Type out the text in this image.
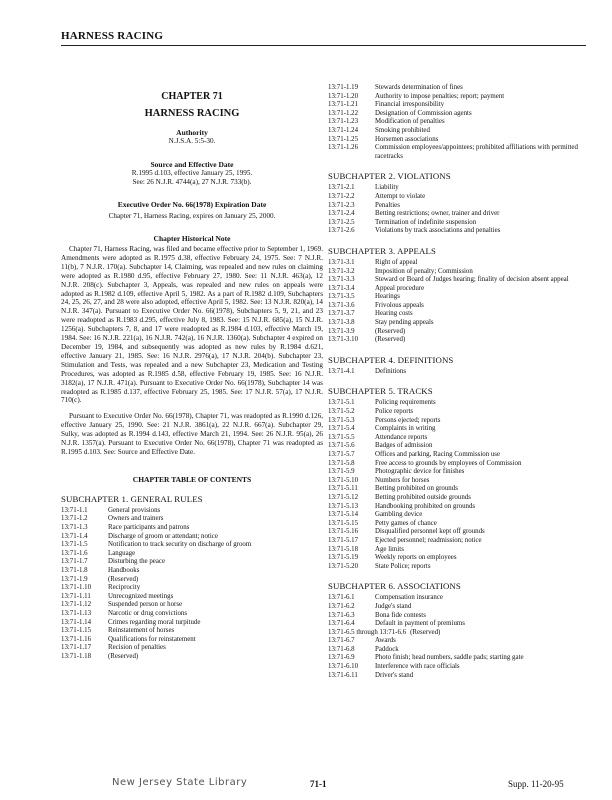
HARNESS RACING

CHAPTER 71

HARNESS RACING

Authority
N.J.S.A. 5:5-30.
Source and Effective Date
R.1995 d.103, effective January 25, 1995.
See: 26 N.J.R. 4744(a), 27 N.J.R. 733(b).
Executive Order No. 66(1978) Expiration Date
Chapter 71, Harness Racing, expires on January 25, 2000.
Chapter Historical Note

Chapter 71, Harness Racing, was filed and became effective prior to September 1, 1969. Amendments were adopted as R.1975 d.38, effective February 24, 1975. See: 7 N.J.R. 11(b), 7 N.J.R. 170(a). Subchapter 14, Claiming, was repealed and new rules on claiming were adopted as R.1980 d.95, effective February 27, 1980. See: 11 N.J.R. 463(a), 12 N.J.R. 208(c). Subchapter 3, Appeals, was repealed and new rules on appeals were adopted as R.1982 d.109, effective April 5, 1982. As a part of R.1982 d.109, Subchapters 24, 25, 26, 27, and 28 were also adopted, effective April 5, 1982. See: 13 N.J.R. 820(a), 14 N.J.R. 347(a). Pursuant to Executive Order No. 66(1978), Subchapters 5, 9, 21, and 23 were readopted as R.1983 d.295, effective July 8, 1983. See: 15 N.J.R. 685(a), 15 N.J.R. 1256(a). Subchapters 7, 8, and 17 were readopted as R.1984 d.103, effective March 19, 1984. See: 16 N.J.R. 221(a), 16 N.J.R. 742(a), 16 N.J.R. 1360(a). Subchapter 4 expired on December 19, 1984, and subsequently was adopted as new rules by R.1984 d.621, effective January 21, 1985. See: 16 N.J.R. 2976(a), 17 N.J.R. 204(b). Subchapter 23, Stimulation and Tests, was repealed and a new Subchapter 23, Medication and Testing Procedures, was adopted as R.1985 d.58, effective February 19, 1985. See: 16 N.J.R. 3182(a), 17 N.J.R. 471(a). Pursuant to Executive Order No. 66(1978), Subchapter 14 was readopted as R.1985 d.137, effective February 25, 1985. See: 17 N.J.R. 57(a), 17 N.J.R. 710(c).

Pursuant to Executive Order No. 66(1978), Chapter 71, was readopted as R.1990 d.126, effective January 25, 1990. See: 21 N.J.R. 3861(a), 22 N.J.R. 667(a). Subchapter 29, Sulky, was adopted as R.1994 d.143, effective March 21, 1994. See: 26 N.J.R. 95(a), 26 N.J.R. 1357(a). Pursuant to Executive Order No. 66(1978), Chapter 71 was readopted as R.1995 d.103. See: Source and Effective Date.

CHAPTER TABLE OF CONTENTS
SUBCHAPTER 1. GENERAL RULES
13:71-1.1	General provisions
13:71-1.2	Owners and trainers
13:71-1.3	Race participants and patrons
13:71-1.4	Discharge of groom or attendant; notice
13:71-1.5	Notification to track security on discharge of groom
13:71-1.6	Language
13:71-1.7	Disturbing the peace
13:71-1.8	Handbooks
13:71-1.9	(Reserved)
13:71-1.10	Reciprocity
13:71-1.11	Unrecognized meetings
13:71-1.12	Suspended person or horse
13:71-1.13	Narcotic or drug convictions
13:71-1.14	Crimes regarding moral turpitude
13:71-1.15	Reinstatement of horses
13:71-1.16	Qualifications for reinstatement
13:71-1.17	Recision of penalties
13:71-1.18	(Reserved)
13:71-1.19	Stewards determination of fines
13:71-1.20	Authority to impose penalties; report; payment
13:71-1.21	Financial irresponsibility
13:71-1.22	Designation of Commission agents
13:71-1.23	Modification of penalties
13:71-1.24	Smoking prohibited
13:71-1.25	Horsemen associations
13:71-1.26	Commission employees/appointees; prohibited affiliations with permitted racetracks
SUBCHAPTER 2. VIOLATIONS
13:71-2.1	Liability
13:71-2.2	Attempt to violate
13:71-2.3	Penalties
13:71-2.4	Betting restrictions; owner, trainer and driver
13:71-2.5	Termination of indefinite suspension
13:71-2.6	Violations by track associations and penalties
SUBCHAPTER 3. APPEALS
13:71-3.1	Right of appeal
13:71-3.2	Imposition of penalty; Commission
13:71-3.3	Steward or Board of Judges hearing; finality of decision absent appeal
13:71-3.4	Appeal procedure
13:71-3.5	Hearings
13:71-3.6	Frivolous appeals
13:71-3.7	Hearing costs
13:71-3.8	Stay pending appeals
13:71-3.9	(Reserved)
13:71-3.10	(Reserved)
SUBCHAPTER 4. DEFINITIONS
13:71-4.1	Definitions
SUBCHAPTER 5. TRACKS
13:71-5.1	Policing requirements
13:71-5.2	Police reports
13:71-5.3	Persons ejected; reports
13:71-5.4	Complaints in writing
13:71-5.5	Attendance reports
13:71-5.6	Badges of admission
13:71-5.7	Offices and parking, Racing Commission use
13:71-5.8	Free access to grounds by employees of Commission
13:71-5.9	Photographic device for finishes
13:71-5.10	Numbers for horses
13:71-5.11	Betting prohibited on grounds
13:71-5.12	Betting prohibited outside grounds
13:71-5.13	Handbooking prohibited on grounds
13:71-5.14	Gambling device
13:71-5.15	Petty games of chance
13:71-5.16	Disqualified personnel kept off grounds
13:71-5.17	Ejected personnel; readmission; notice
13:71-5.18	Age limits
13:71-5.19	Weekly reports on employees
13:71-5.20	State Police; reports
SUBCHAPTER 6. ASSOCIATIONS
13:71-6.1	Compensation insurance
13:71-6.2	Judge's stand
13:71-6.3	Bona fide contests
13:71-6.4	Default in payment of premiums
13:71-6.5 through 13:71-6.6 (Reserved)
13:71-6.7	Awards
13:71-6.8	Paddock
13:71-6.9	Photo finish; head numbers, saddle pads; starting gate
13:71-6.10	Interference with race officials
13:71-6.11	Driver's stand
New Jersey State Library	71-1	Supp. 11-20-95
